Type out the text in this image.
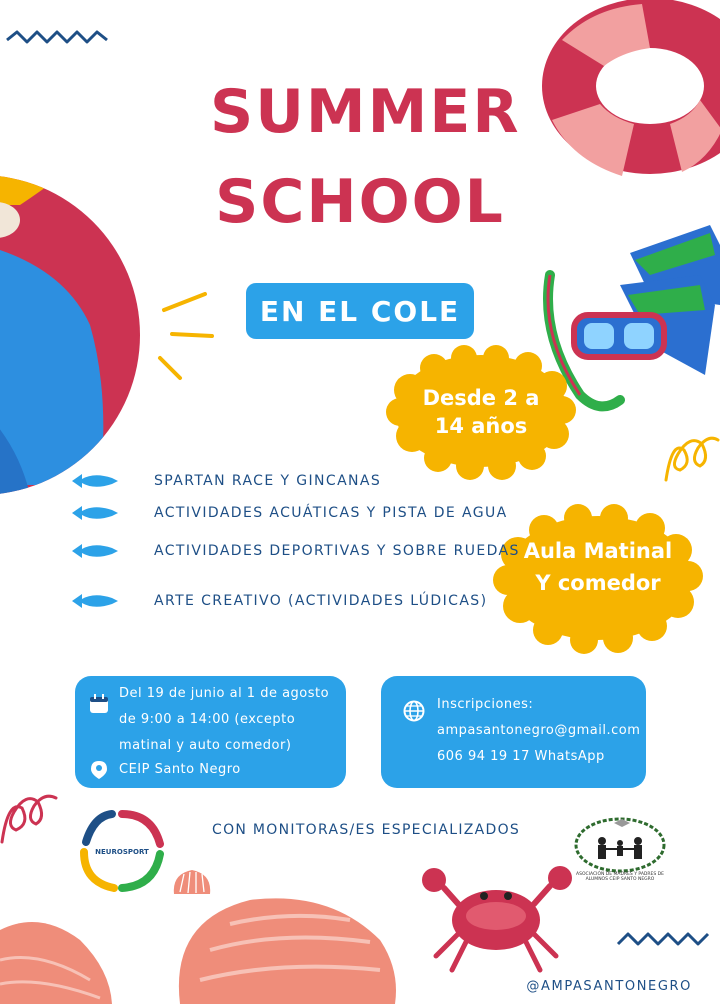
SUMMER
SCHOOL
EN EL COLE
Desde 2 a
14 años
Aula Matinal
Y comedor
SPARTAN RACE Y GINCANAS
ACTIVIDADES ACUÁTICAS Y PISTA DE AGUA
ACTIVIDADES DEPORTIVAS Y SOBRE RUEDAS
ARTE CREATIVO (ACTIVIDADES LÚDICAS)
Del 19 de junio al 1 de agosto
de 9:00 a 14:00 (excepto
matinal y auto comedor)
CEIP Santo Negro
Inscripciones:
ampasantonegro@gmail.com
606 94 19 17 WhatsApp
NEUROSPORT
CON MONITORAS/ES ESPECIALIZADOS
ASOCIACIÓN DE MADRES Y PADRES DE ALUMNOS CEIP SANTO NEGRO
@AMPASANTONEGRO
